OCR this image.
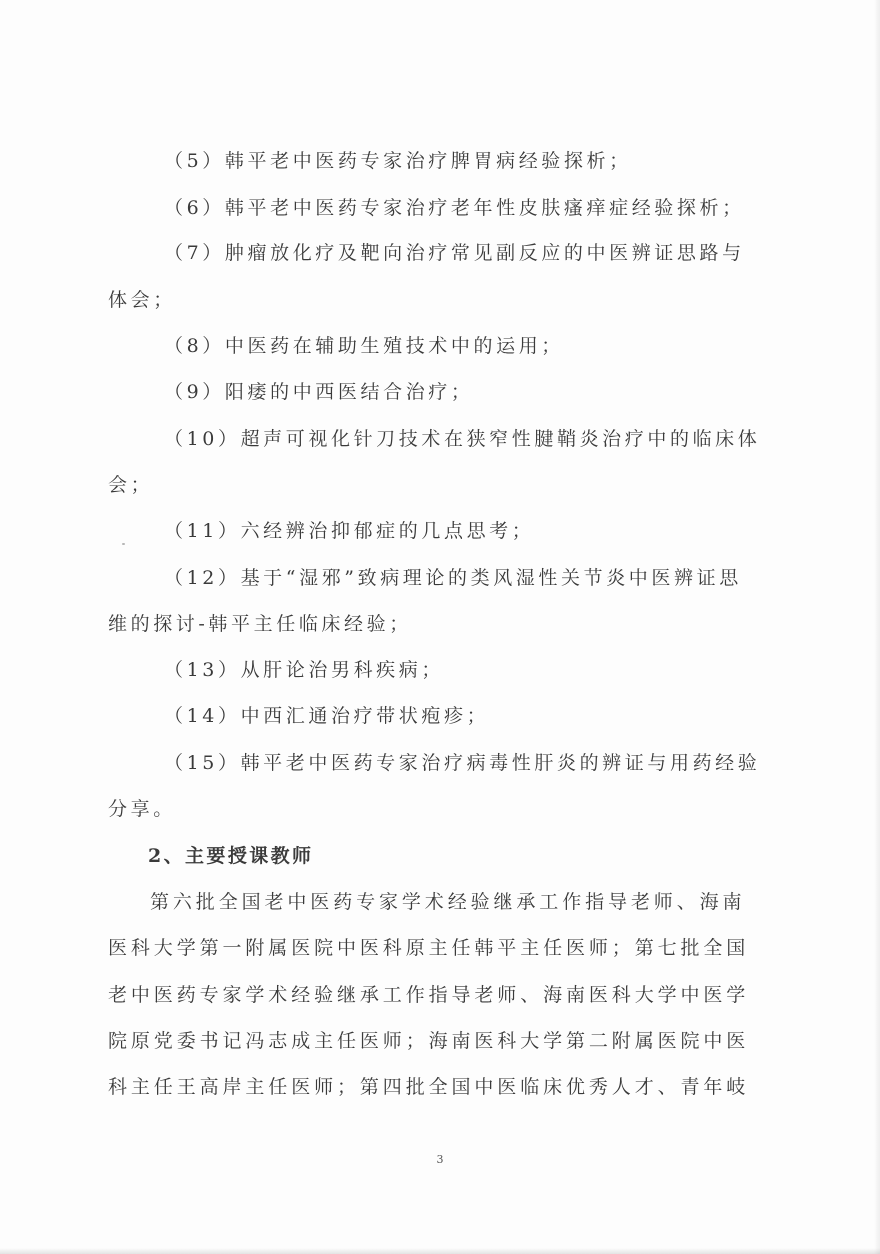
（5）韩平老中医药专家治疗脾胃病经验探析；
（6）韩平老中医药专家治疗老年性皮肤瘙痒症经验探析；
（7）肿瘤放化疗及靶向治疗常见副反应的中医辨证思路与
体会；
（8）中医药在辅助生殖技术中的运用；
（9）阳痿的中西医结合治疗；
（10）超声可视化针刀技术在狭窄性腱鞘炎治疗中的临床体
会；
（11）六经辨治抑郁症的几点思考；
（12）基于“湿邪”致病理论的类风湿性关节炎中医辨证思
维的探讨-韩平主任临床经验；
（13）从肝论治男科疾病；
（14）中西汇通治疗带状疱疹；
（15）韩平老中医药专家治疗病毒性肝炎的辨证与用药经验
分享。
2、主要授课教师
第六批全国老中医药专家学术经验继承工作指导老师、海南
医科大学第一附属医院中医科原主任韩平主任医师；第七批全国
老中医药专家学术经验继承工作指导老师、海南医科大学中医学
院原党委书记冯志成主任医师；海南医科大学第二附属医院中医
科主任王高岸主任医师；第四批全国中医临床优秀人才、青年岐
3
